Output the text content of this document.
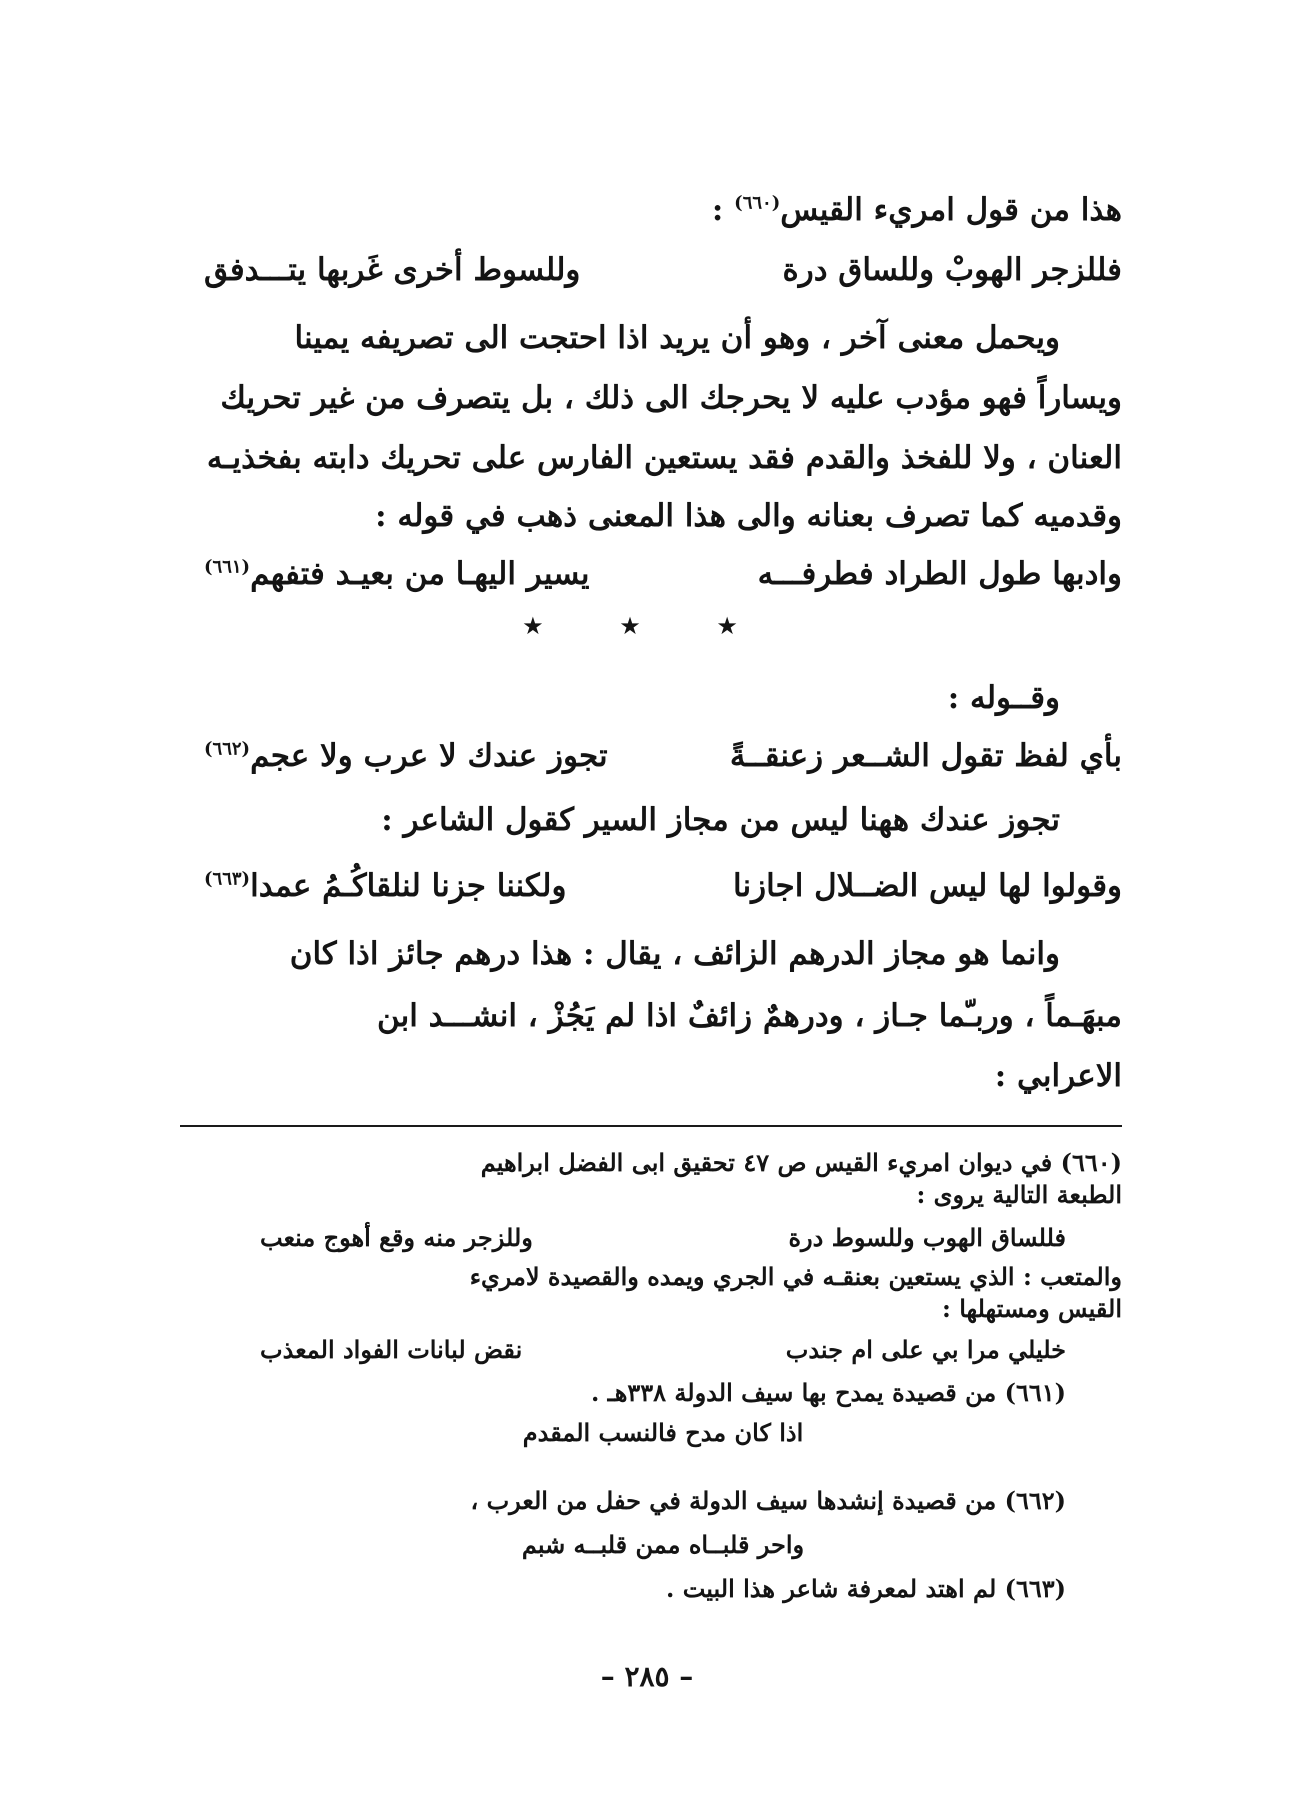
هذا من قول امريء القيس$^{(٦٦٠)}$ :
فللزجر الهوبْ وللساق درة
وللسوط أخرى غَربها يتـــدفق
ويحمل معنى آخر ، وهو أن يريد اذا احتجت الى تصريفه يمينا
ويساراً فهو مؤدب عليه لا يحرجك الى ذلك ، بل يتصرف من غير تحريك
العنان ، ولا للفخذ والقدم فقد يستعين الفارس على تحريك دابته بفخذيـه
وقدميه كما تصرف بعنانه والى هذا المعنى ذهب في قوله :
وادبها طول الطراد فطرفـــه
يسير اليهـا من بعيـد فتفهم$^{(٦٦١)}$
★ ★ ★
وقــوله :
بأي لفظ تقول الشــعر زعنقــةً
تجوز عندك لا عرب ولا عجم$^{(٦٦٢)}$
تجوز عندك ههنا ليس من مجاز السير كقول الشاعر :
وقولوا لها ليس الضــلال اجازنا
ولكننا جزنا لنلقاكُـمُ عمدا$^{(٦٦٣)}$
وانما هو مجاز الدرهم الزائف ، يقال : هذا درهم جائز اذا كان
مبهَـماً ، وربـّما جـاز ، ودرهمٌ زائفٌ اذا لم يَجُزْ ، انشـــد ابن
الاعرابي :
(٦٦٠) في ديوان امريء القيس ص ٤٧ تحقيق ابى الفضل ابراهيم
الطبعة التالية يروى :
فللساق الهوب وللسوط درة
وللزجر منه وقع أهوج منعب
والمتعب : الذي يستعين بعنقـه في الجري ويمده والقصيدة لامريء
القيس ومستهلها :
خليلي مرا بي على ام جندب
نقض لبانات الفواد المعذب
(٦٦١) من قصيدة يمدح بها سيف الدولة ٣٣٨هـ .
اذا كان مدح فالنسب المقدم
(٦٦٢) من قصيدة إنشدها سيف الدولة في حفل من العرب ،
واحر قلبــاه ممن قلبــه شبم
(٦٦٣) لم اهتد لمعرفة شاعر هذا البيت .
– ٢٨٥ –
